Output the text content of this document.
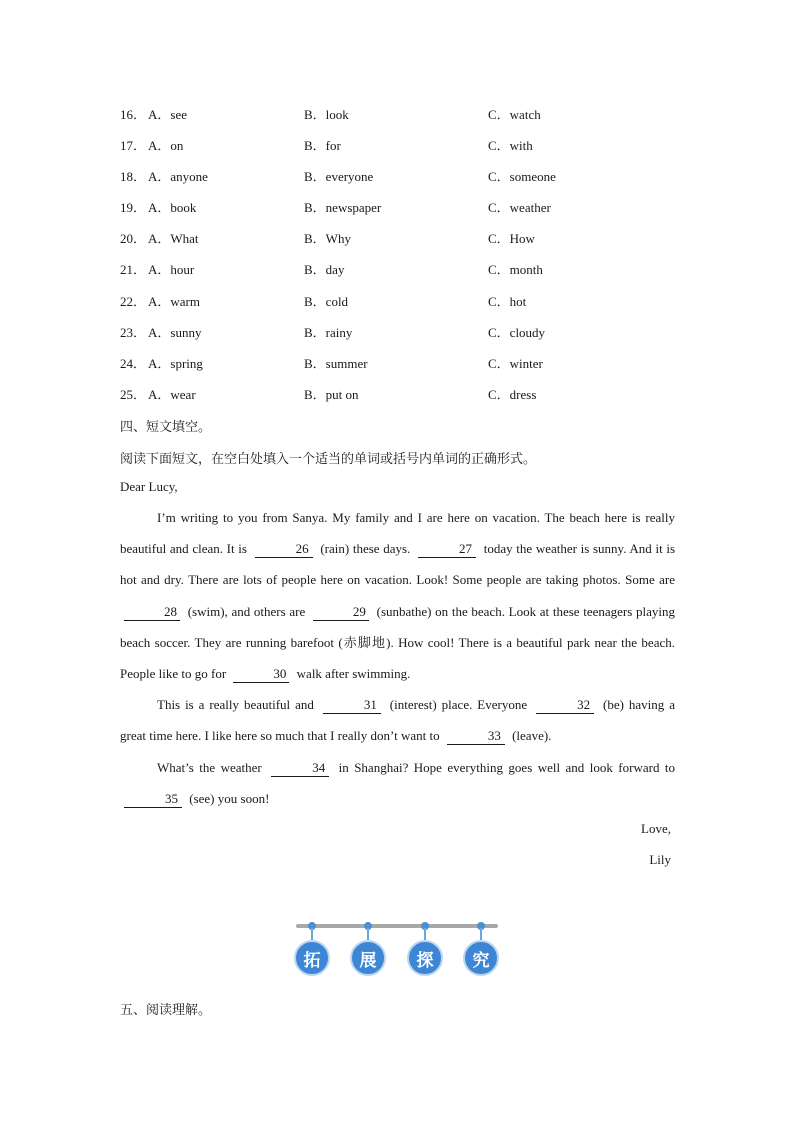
16． A．see	B．look	C．watch
17． A．on	B．for	C．with
18． A．anyone	B．everyone	C．someone
19． A．book	B．newspaper	C．weather
20． A．What	B．Why	C．How
21． A．hour	B．day	C．month
22． A．warm	B．cold	C．hot
23． A．sunny	B．rainy	C．cloudy
24． A．spring	B．summer	C．winter
25． A．wear	B．put on	C．dress
四、短文填空。
阅读下面短文，在空白处填入一个适当的单词或括号内单词的正确形式。
Dear Lucy,
I’m writing to you from Sanya. My family and I are here on vacation. The beach here is really beautiful and clean. It is	26 (rain) these days.	27 today the weather is sunny. And it is hot and dry. There are lots of people here on vacation. Look! Some people are taking photos. Some are 28 (swim), and others are	29 (sunbathe) on the beach. Look at these teenagers playing beach soccer. They are running barefoot (赤脚地). How cool! There is a beautiful park near the beach. People like to go for	30 walk after swimming.
This is a really beautiful and	31 (interest) place. Everyone	32 (be) having a great time here. I like here so much that I really don’t want to	33 (leave).
What’s the weather	34 in Shanghai? Hope everything goes well and look forward to 35 (see) you soon!
Love,
Lily
拓	展	探	究
五、阅读理解。
